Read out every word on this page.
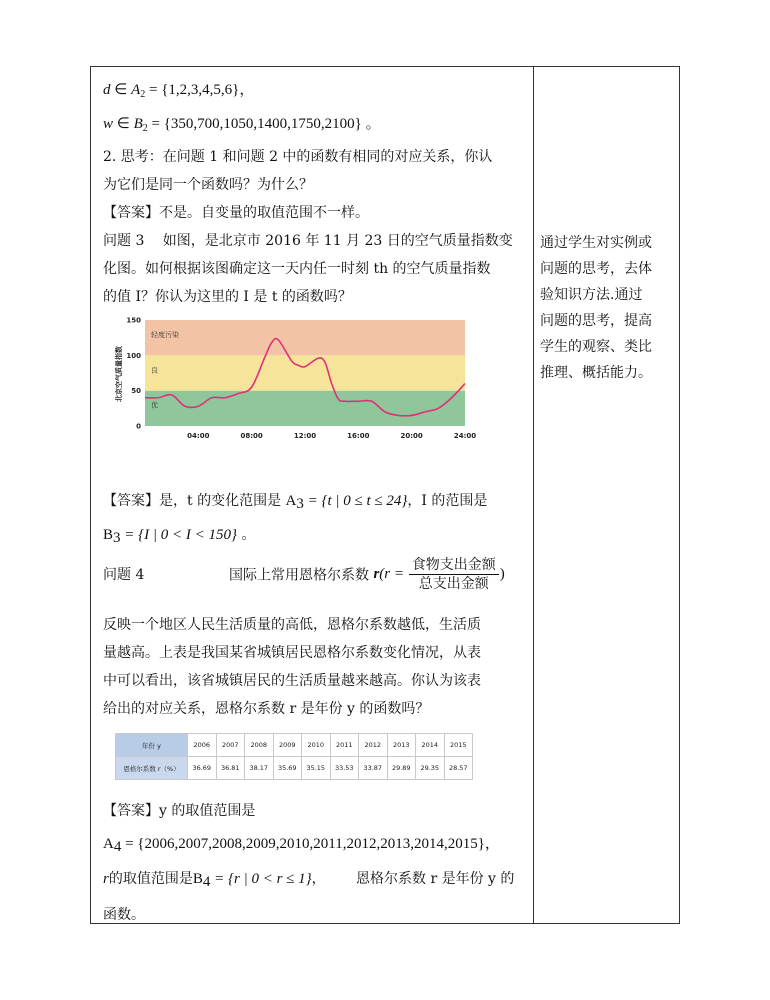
d ∈ $A_2 = \{1,2,3,4,5,6\}$，
w ∈ $B_2 = \{350,700,1050,1400,1750,2100\}$ 。
2. 思考：在问题 1 和问题 2 中的函数有相同的对应关系，你认
为它们是同一个函数吗？为什么？
【答案】不是。自变量的取值范围不一样。
问题 3　 如图，是北京市 2016 年 11 月 23 日的空气质量指数变
化图。如何根据该图确定这一天内任一时刻 th 的空气质量指数
的值 I？你认为这里的 I 是 t 的函数吗？
【答案】是，t 的变化范围是 $A_3 = \{t$ | 0 ≤ t ≤ 24}，I 的范围是
$B_3 = \{I$ | 0 < I < 150} 。
问题 4	国际上常用恩格尔系数 $r(r = \frac{\text{食物支出金额}}{\text{总支出金额}}$ )
反映一个地区人民生活质量的高低，恩格尔系数越低，生活质
量越高。上表是我国某省城镇居民恩格尔系数变化情况，从表
中可以看出，该省城镇居民的生活质量越来越高。你认为该表
给出的对应关系，恩格尔系数 r 是年份 y 的函数吗？
【答案】y 的取值范围是
$A_4 = \{2006,2007,2008,2009,2010,2011,2012,2013,2014,2015\}$，
r的取值范围是$B_4 = \{r$ | 0 < r ≤ 1}， 恩格尔系数 r 是年份 y 的
函数。
优
良
轻度污染
0
50
100
150
04:00	08:00	12:00	16:00	20:00	24:00
北京空气质量指数
年份 y	2006	2007	2008	2009	2010	2011	2012	2013	2014	2015
恩格尔系数 r（%）	36.69	36.81	38.17	35.69	35.15	33.53	33.87	29.89	29.35	28.57
通过学生对实例或
问题的思考，去体
验知识方法.通过
问题的思考，提高
学生的观察、类比
推理、概括能力。
